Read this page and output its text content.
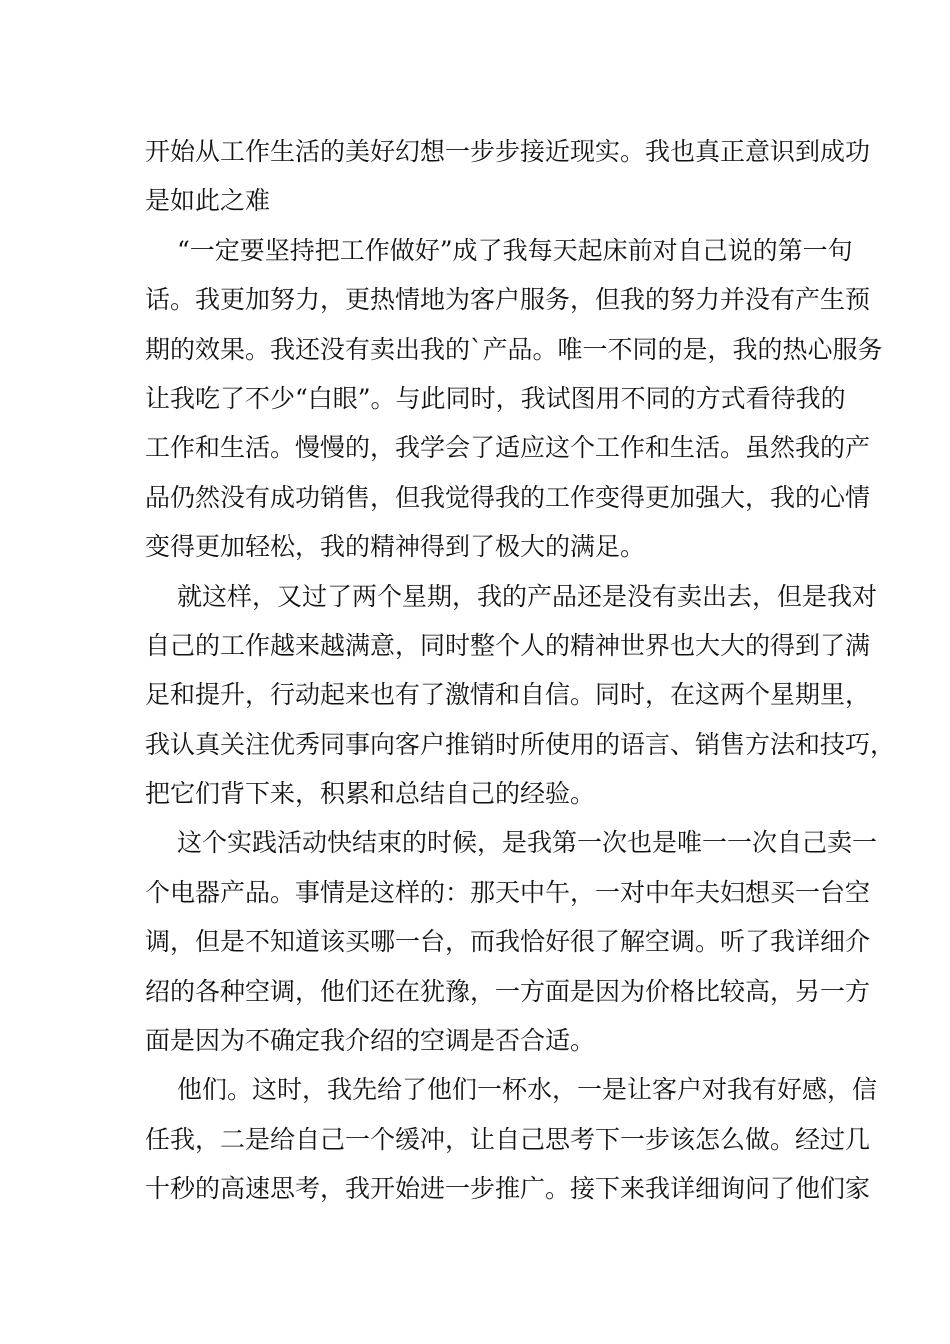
开始从工作生活的美好幻想一步步接近现实。我也真正意识到成功
是如此之难
“一定要坚持把工作做好”成了我每天起床前对自己说的第一句
话。我更加努力，更热情地为客户服务，但我的努力并没有产生预
期的效果。我还没有卖出我的`产品。唯一不同的是，我的热心服务
让我吃了不少“白眼”。与此同时，我试图用不同的方式看待我的
工作和生活。慢慢的，我学会了适应这个工作和生活。虽然我的产
品仍然没有成功销售，但我觉得我的工作变得更加强大，我的心情
变得更加轻松，我的精神得到了极大的满足。
就这样，又过了两个星期，我的产品还是没有卖出去，但是我对
自己的工作越来越满意，同时整个人的精神世界也大大的得到了满
足和提升，行动起来也有了激情和自信。同时，在这两个星期里，
我认真关注优秀同事向客户推销时所使用的语言、销售方法和技巧，
把它们背下来，积累和总结自己的经验。
这个实践活动快结束的时候，是我第一次也是唯一一次自己卖一
个电器产品。事情是这样的：那天中午，一对中年夫妇想买一台空
调，但是不知道该买哪一台，而我恰好很了解空调。听了我详细介
绍的各种空调，他们还在犹豫，一方面是因为价格比较高，另一方
面是因为不确定我介绍的空调是否合适。
他们。这时，我先给了他们一杯水，一是让客户对我有好感，信
任我，二是给自己一个缓冲，让自己思考下一步该怎么做。经过几
十秒的高速思考，我开始进一步推广。接下来我详细询问了他们家
